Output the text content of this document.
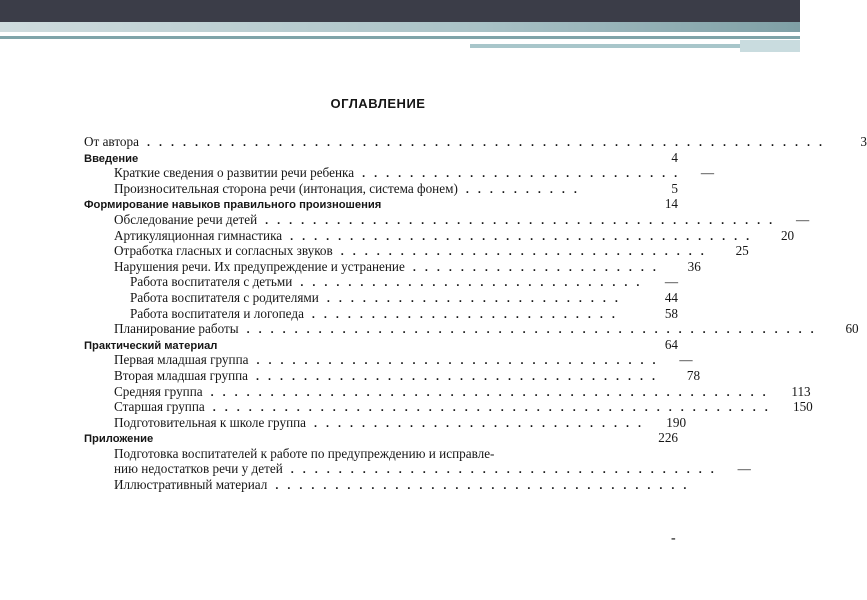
ОГЛАВЛЕНИЕ
От автора .........................................................	3
Введение	4
Краткие сведения о развитии речи ребенка ...........................	—
Произносительная сторона речи (интонация, система фонем) ..........	5
Формирование навыков правильного произношения	14
Обследование речи детей ...........................................	—
Артикуляционная гимнастика .......................................	20
Отработка гласных и согласных звуков ...............................	25
Нарушения речи. Их предупреждение и устранение .....................	36
Работа воспитателя с детьми .............................	—
Работа воспитателя с родителями .........................	44
Работа воспитателя и логопеда ..........................	58
Планирование работы ................................................	60
Практический материал	64
Первая младшая группа ..................................	—
Вторая младшая группа ..................................	78
Средняя группа ...............................................	113
Старшая группа ...............................................	150
Подготовительная к школе группа ............................	190
Приложение	226
Подготовка воспитателей к работе по предупреждению и исправле-
нию недостатков речи у детей ....................................	—
Иллюстративный материал ...................................
-
